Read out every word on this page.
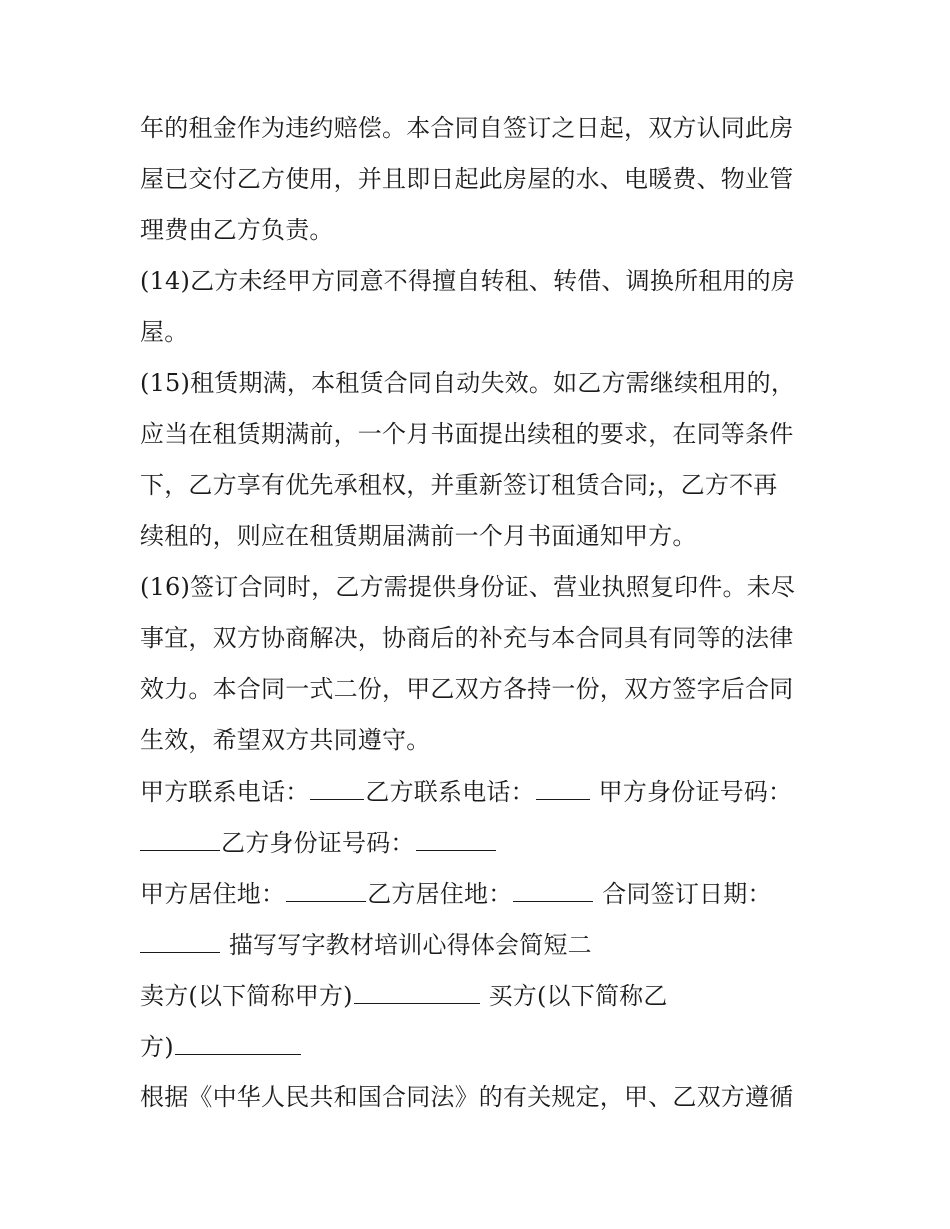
年的租金作为违约赔偿。本合同自签订之日起，双方认同此房
屋已交付乙方使用，并且即日起此房屋的水、电暖费、物业管
理费由乙方负责。
(14)乙方未经甲方同意不得擅自转租、转借、调换所租用的房
屋。
(15)租赁期满，本租赁合同自动失效。如乙方需继续租用的，
应当在租赁期满前，一个月书面提出续租的要求，在同等条件
下，乙方享有优先承租权，并重新签订租赁合同;，乙方不再
续租的，则应在租赁期届满前一个月书面通知甲方。
(16)签订合同时，乙方需提供身份证、营业执照复印件。未尽
事宜，双方协商解决，协商后的补充与本合同具有同等的法律
效力。本合同一式二份，甲乙双方各持一份，双方签字后合同
生效，希望双方共同遵守。
甲方联系电话： 乙方联系电话：	甲方身份证号码：
乙方身份证号码：
甲方居住地：	乙方居住地：	合同签订日期：
描写写字教材培训心得体会简短二
卖方(以下简称甲方)	买方(以下简称乙
方)
根据《中华人民共和国合同法》的有关规定，甲、乙双方遵循
